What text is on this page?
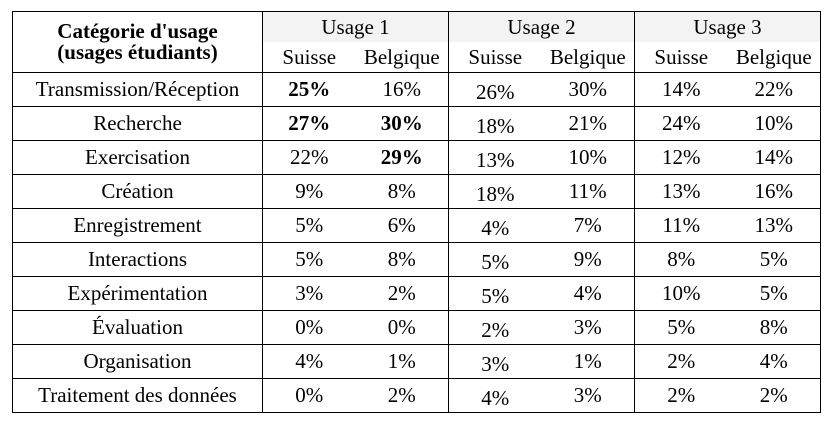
Catégorie d'usage
(usages étudiants)	Usage 1		Usage 2		Usage 3	
	Suisse	Belgique	Suisse	Belgique	Suisse	Belgique
Transmission/Réception	25%	16%	26%	30%	14%	22%
Recherche	27%	30%	18%	21%	24%	10%
Exercisation	22%	29%	13%	10%	12%	14%
Création	9%	8%	18%	11%	13%	16%
Enregistrement	5%	6%	4%	7%	11%	13%
Interactions	5%	8%	5%	9%	8%	5%
Expérimentation	3%	2%	5%	4%	10%	5%
Évaluation	0%	0%	2%	3%	5%	8%
Organisation	4%	1%	3%	1%	2%	4%
Traitement des données	0%	2%	4%	3%	2%	2%
